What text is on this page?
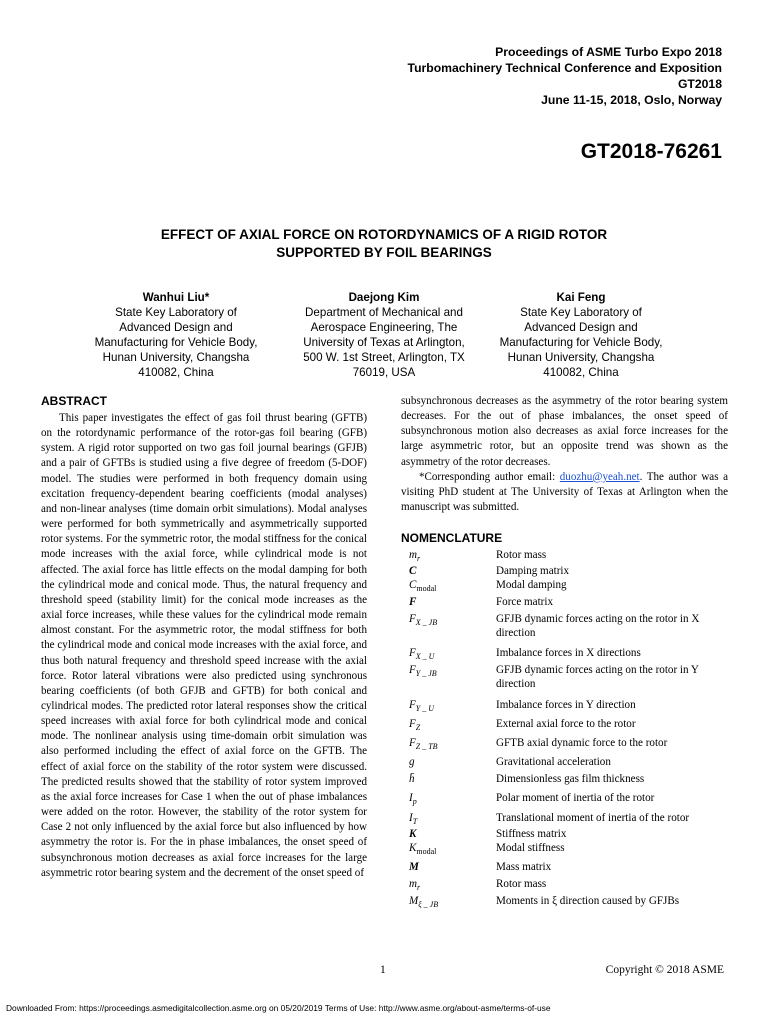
Proceedings of ASME Turbo Expo 2018
Turbomachinery Technical Conference and Exposition
GT2018
June 11-15, 2018, Oslo, Norway
GT2018-76261
EFFECT OF AXIAL FORCE ON ROTORDYNAMICS OF A RIGID ROTOR
SUPPORTED BY FOIL BEARINGS
Wanhui Liu*
State Key Laboratory of
Advanced Design and
Manufacturing for Vehicle Body,
Hunan University, Changsha
410082, China
Daejong Kim
Department of Mechanical and
Aerospace Engineering, The
University of Texas at Arlington,
500 W. 1st Street, Arlington, TX
76019, USA
Kai Feng
State Key Laboratory of
Advanced Design and
Manufacturing for Vehicle Body,
Hunan University, Changsha
410082, China
ABSTRACT

This paper investigates the effect of gas foil thrust bearing (GFTB) on the rotordynamic performance of the rotor-gas foil bearing (GFB) system. A rigid rotor supported on two gas foil journal bearings (GFJB) and a pair of GFTBs is studied using a five degree of freedom (5-DOF) model. The studies were performed in both frequency domain using excitation frequency-dependent bearing coefficients (modal analyses) and non-linear analyses (time domain orbit simulations). Modal analyses were performed for both symmetrically and asymmetrically supported rotor systems. For the symmetric rotor, the modal stiffness for the conical mode increases with the axial force, while cylindrical mode is not affected. The axial force has little effects on the modal damping for both the cylindrical mode and conical mode. Thus, the natural frequency and threshold speed (stability limit) for the conical mode increases as the axial force increases, while these values for the cylindrical mode remain almost constant. For the asymmetric rotor, the modal stiffness for both the cylindrical mode and conical mode increases with the axial force, and thus both natural frequency and threshold speed increase with the axial force. Rotor lateral vibrations were also predicted using synchronous bearing coefficients (of both GFJB and GFTB) for both conical and cylindrical modes. The predicted rotor lateral responses show the critical speed increases with axial force for both cylindrical mode and conical mode. The nonlinear analysis using time-domain orbit simulation was also performed including the effect of axial force on the GFTB. The effect of axial force on the stability of the rotor system were discussed. The predicted results showed that the stability of rotor system improved as the axial force increases for Case 1 when the out of phase imbalances were added on the rotor. However, the stability of the rotor system for Case 2 not only influenced by the axial force but also influenced by how asymmetry the rotor is. For the in phase imbalances, the onset speed of subsynchronous motion decreases as axial force increases for the large asymmetric rotor bearing system and the decrement of the onset speed of

subsynchronous decreases as the asymmetry of the rotor bearing system decreases. For the out of phase imbalances, the onset speed of subsynchronous motion also decreases as axial force increases for the large asymmetric rotor, but an opposite trend was shown as the asymmetry of the rotor decreases.

*Corresponding author email: duozhu@yeah.net. The author was a visiting PhD student at The University of Texas at Arlington when the manuscript was submitted.

NOMENCLATURE
$m_r$	Rotor mass
C	Damping matrix
$C_{modal}$	Modal damping
F	Force matrix
$F_{X \_ JB}$	GFJB dynamic forces acting on the rotor in X direction
$F_{X \_ U}$	Imbalance forces in X directions
$F_{Y \_ JB}$	GFJB dynamic forces acting on the rotor in Y direction
$F_{Y \_ U}$	Imbalance forces in Y direction
$F_Z$	External axial force to the rotor
$F_{Z \_ TB}$	GFTB axial dynamic force to the rotor
g	Gravitational acceleration
h̄	Dimensionless gas film thickness
$I_p$	Polar moment of inertia of the rotor
$I_T$	Translational moment of inertia of the rotor
K	Stiffness matrix
$K_{modal}$	Modal stiffness
M	Mass matrix
$m_r$	Rotor mass
$M_{\xi \_ JB}$	Moments in ξ direction caused by GFJBs
1	Copyright © 2018 ASME
Downloaded From: https://proceedings.asmedigitalcollection.asme.org on 05/20/2019 Terms of Use: http://www.asme.org/about-asme/terms-of-use
